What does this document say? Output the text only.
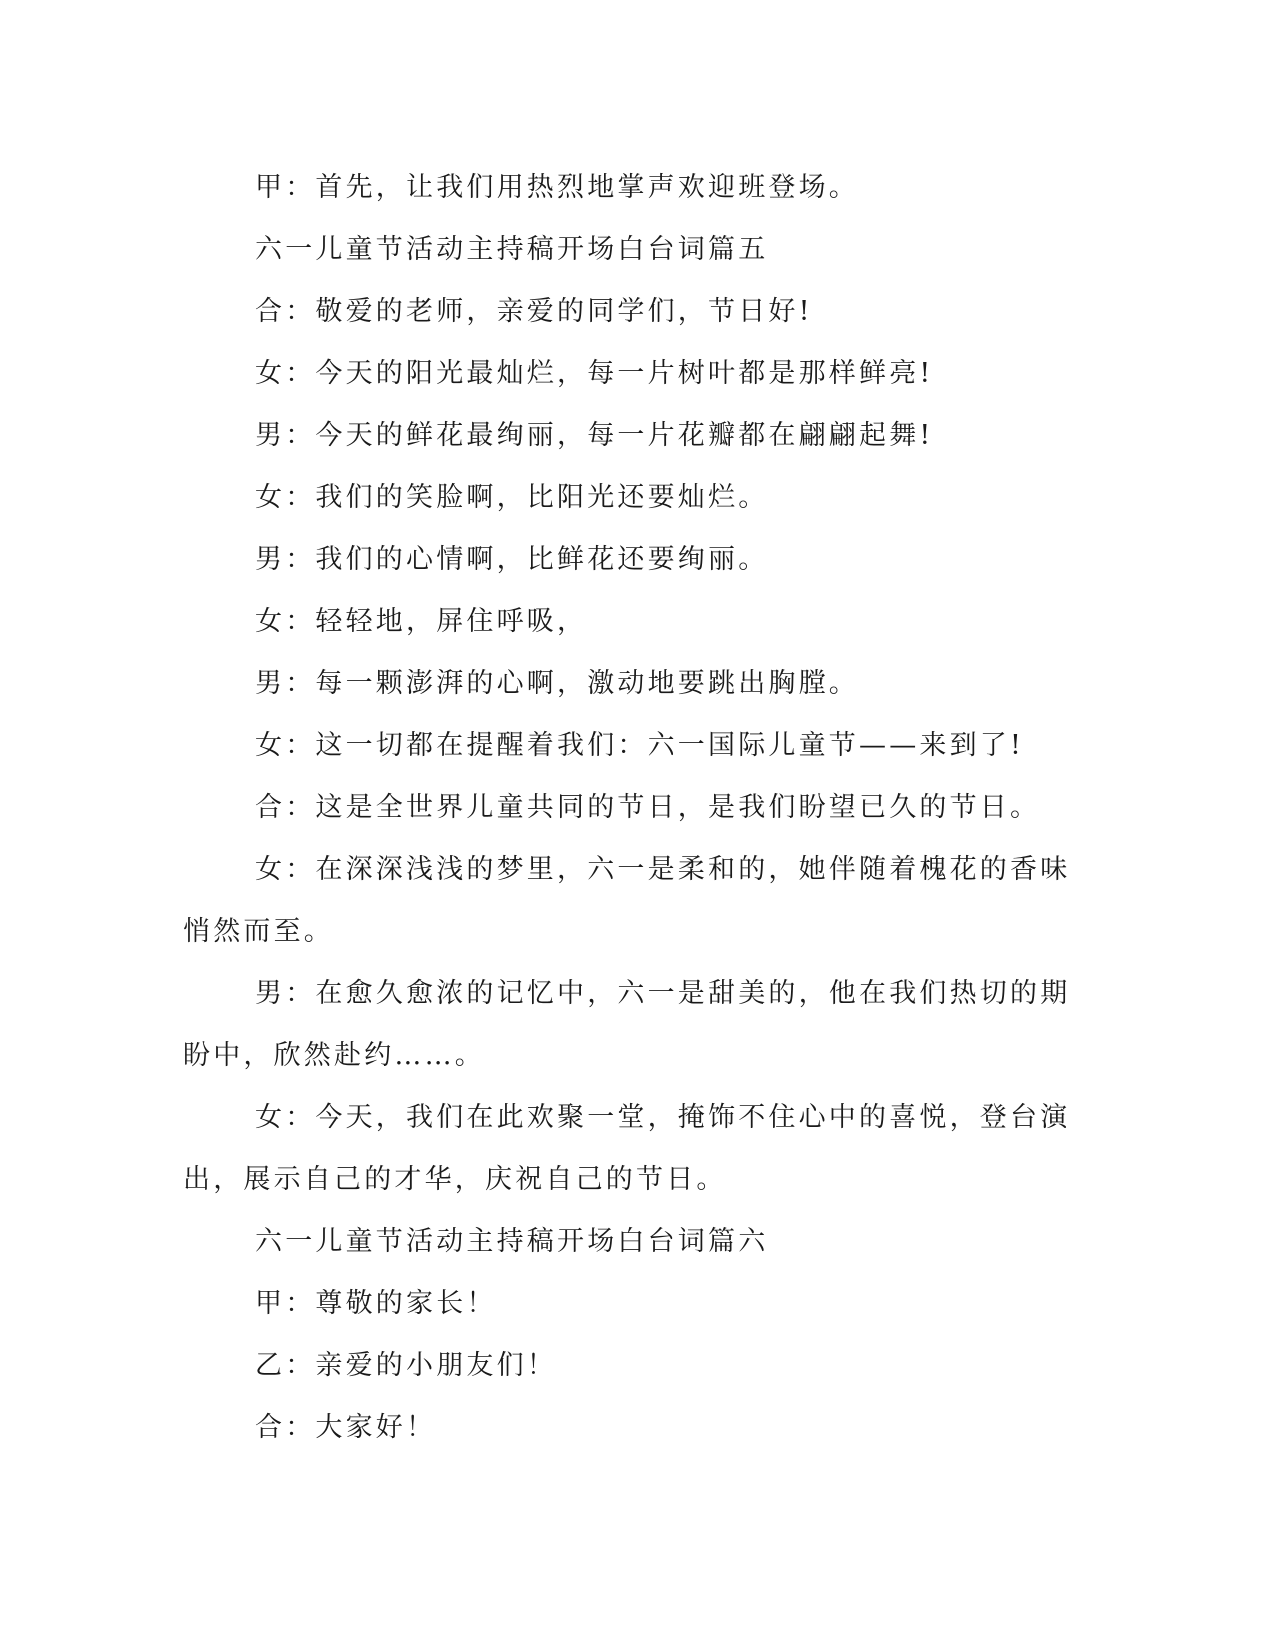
甲：首先，让我们用热烈地掌声欢迎班登场。

六一儿童节活动主持稿开场白台词篇五

合：敬爱的老师，亲爱的同学们，节日好!

女：今天的阳光最灿烂，每一片树叶都是那样鲜亮!

男：今天的鲜花最绚丽，每一片花瓣都在翩翩起舞!

女：我们的笑脸啊，比阳光还要灿烂。

男：我们的心情啊，比鲜花还要绚丽。

女：轻轻地，屏住呼吸，

男：每一颗澎湃的心啊，激动地要跳出胸膛。

女：这一切都在提醒着我们：六一国际儿童节——来到了!

合：这是全世界儿童共同的节日，是我们盼望已久的节日。

女：在深深浅浅的梦里，六一是柔和的，她伴随着槐花的香味悄然而至。

男：在愈久愈浓的记忆中，六一是甜美的，他在我们热切的期盼中，欣然赴约……。

女：今天，我们在此欢聚一堂，掩饰不住心中的喜悦，登台演出，展示自己的才华，庆祝自己的节日。

六一儿童节活动主持稿开场白台词篇六

甲：尊敬的家长！

乙：亲爱的小朋友们！

合：大家好！
